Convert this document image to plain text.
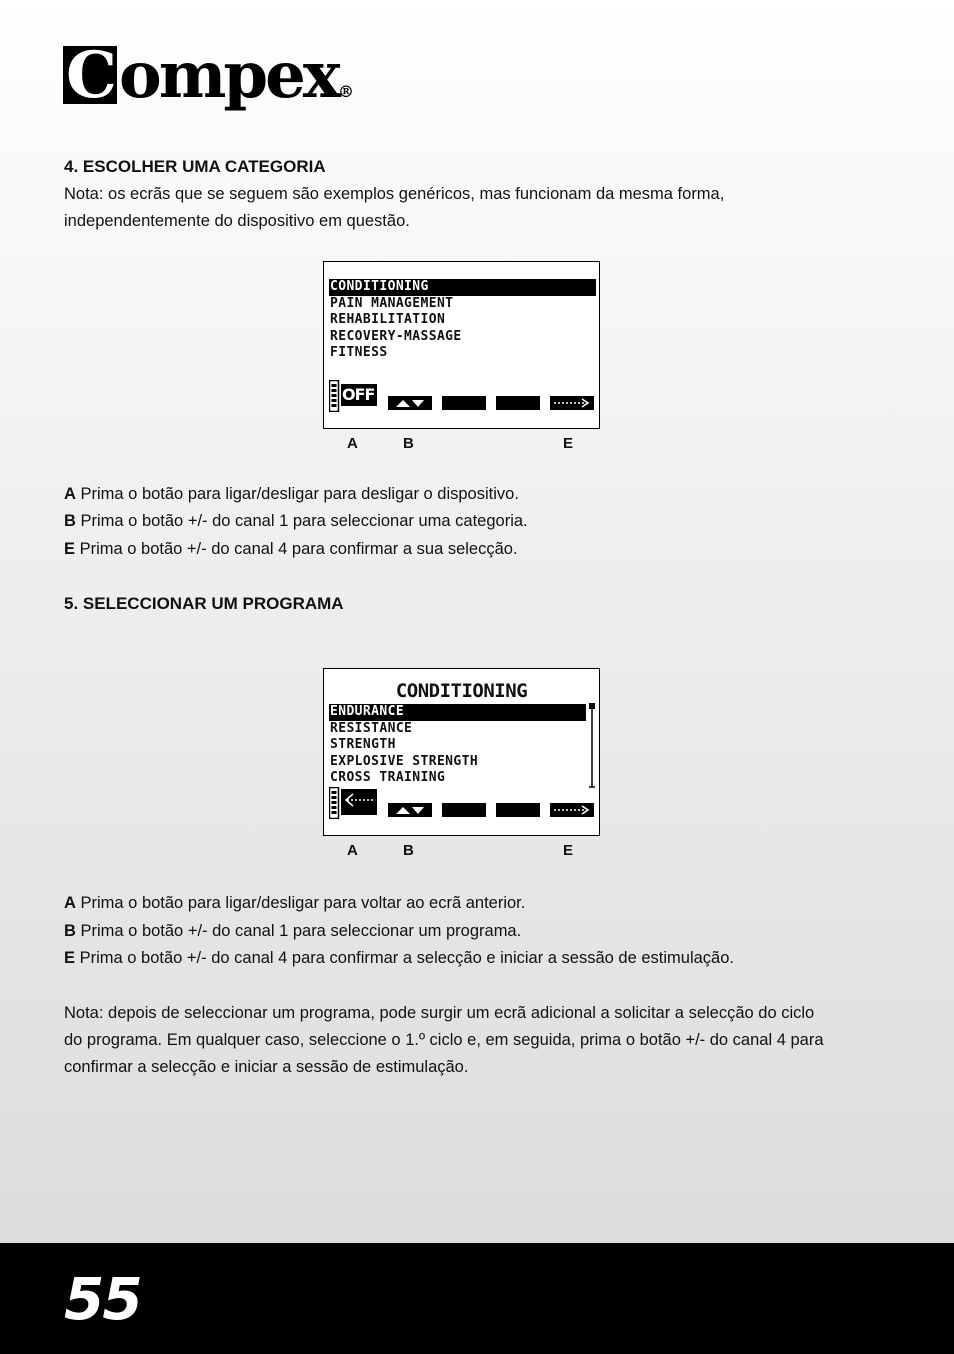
Compex®
4. ESCOLHER UMA CATEGORIA
Nota: os ecrãs que se seguem são exemplos genéricos, mas funcionam da mesma forma,
independentemente do dispositivo em questão.
CONDITIONING
PAIN MANAGEMENT
REHABILITATION
RECOVERY-MASSAGE
FITNESS
OFF
A	B	E
A Prima o botão para ligar/desligar para desligar o dispositivo.
B Prima o botão +/- do canal 1 para seleccionar uma categoria.
E Prima o botão +/- do canal 4 para confirmar a sua selecção.
5. SELECCIONAR UM PROGRAMA
CONDITIONING
ENDURANCE
RESISTANCE
STRENGTH
EXPLOSIVE STRENGTH
CROSS TRAINING
A	B	E
A Prima o botão para ligar/desligar para voltar ao ecrã anterior.
B Prima o botão +/- do canal 1 para seleccionar um programa.
E Prima o botão +/- do canal 4 para confirmar a selecção e iniciar a sessão de estimulação.
Nota: depois de seleccionar um programa, pode surgir um ecrã adicional a solicitar a selecção do ciclo
do programa. Em qualquer caso, seleccione o 1.º ciclo e, em seguida, prima o botão +/- do canal 4 para
confirmar a selecção e iniciar a sessão de estimulação.
55
